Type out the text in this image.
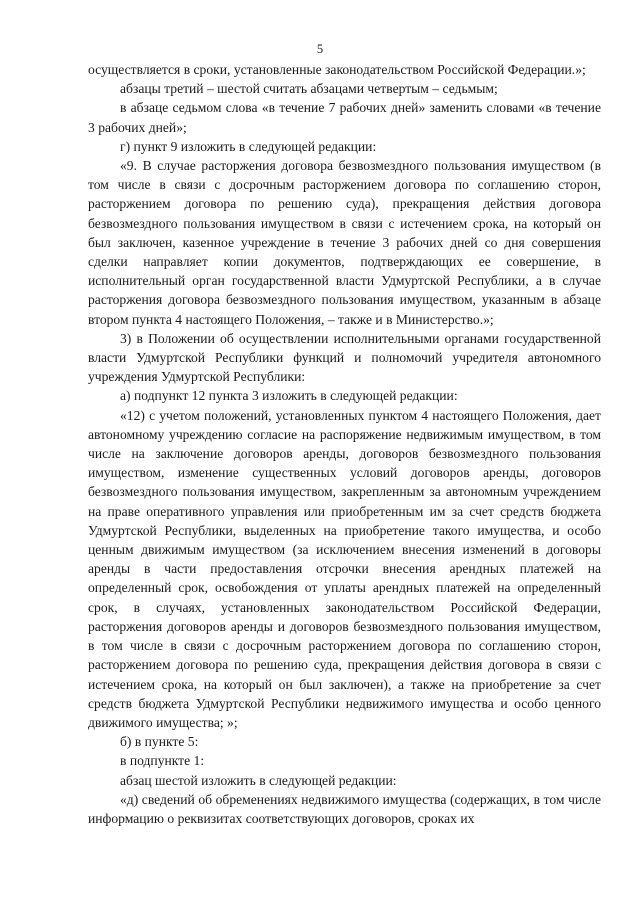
5

осуществляется в сроки, установленные законодательством Российской Федерации.»;

абзацы третий – шестой считать абзацами четвертым – седьмым;

в абзаце седьмом слова «в течение 7 рабочих дней» заменить словами «в течение 3 рабочих дней»;

г) пункт 9 изложить в следующей редакции:

«9. В случае расторжения договора безвозмездного пользования имуществом (в том числе в связи с досрочным расторжением договора по соглашению сторон, расторжением договора по решению суда), прекращения действия договора безвозмездного пользования имуществом в связи с истечением срока, на который он был заключен, казенное учреждение в течение 3 рабочих дней со дня совершения сделки направляет копии документов, подтверждающих ее совершение, в исполнительный орган государственной власти Удмуртской Республики, а в случае расторжения договора безвозмездного пользования имуществом, указанным в абзаце втором пункта 4 настоящего Положения, – также и в Министерство.»;

3) в Положении об осуществлении исполнительными органами государственной власти Удмуртской Республики функций и полномочий учредителя автономного учреждения Удмуртской Республики:

а) подпункт 12 пункта 3 изложить в следующей редакции:

«12) с учетом положений, установленных пунктом 4 настоящего Положения, дает автономному учреждению согласие на распоряжение недвижимым имуществом, в том числе на заключение договоров аренды, договоров безвозмездного пользования имуществом, изменение существенных условий договоров аренды, договоров безвозмездного пользования имуществом, закрепленным за автономным учреждением на праве оперативного управления или приобретенным им за счет средств бюджета Удмуртской Республики, выделенных на приобретение такого имущества, и особо ценным движимым имуществом (за исключением внесения изменений в договоры аренды в части предоставления отсрочки внесения арендных платежей на определенный срок, освобождения от уплаты арендных платежей на определенный срок, в случаях, установленных законодательством Российской Федерации, расторжения договоров аренды и договоров безвозмездного пользования имуществом, в том числе в связи с досрочным расторжением договора по соглашению сторон, расторжением договора по решению суда, прекращения действия договора в связи с истечением срока, на который он был заключен), а также на приобретение за счет средств бюджета Удмуртской Республики недвижимого имущества и особо ценного движимого имущества; »;

б) в пункте 5:

в подпункте 1:

абзац шестой изложить в следующей редакции:

«д) сведений об обременениях недвижимого имущества (содержащих, в том числе информацию о реквизитах соответствующих договоров, сроках их
